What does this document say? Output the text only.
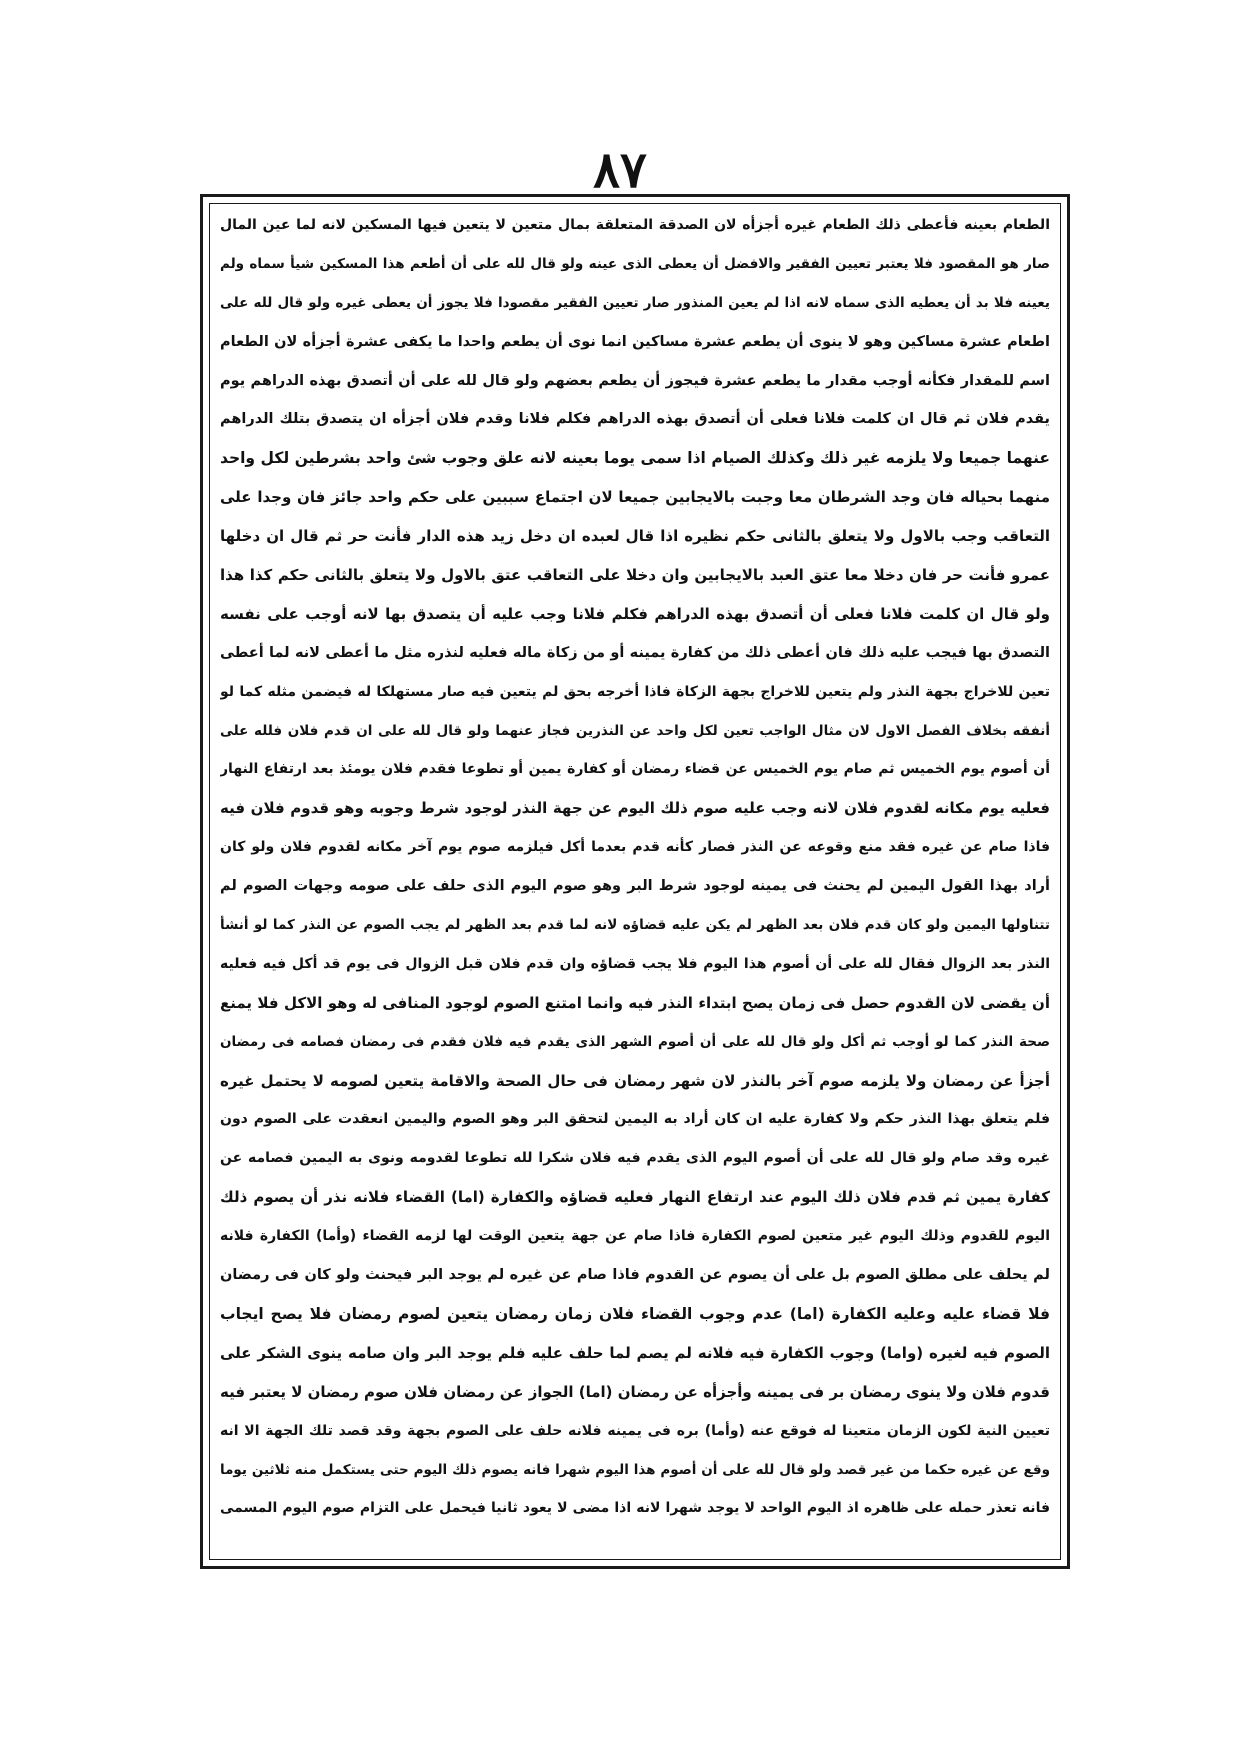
٨٧
الطعام بعينه فأعطى ذلك الطعام غيره أجزأه لان الصدقة المتعلقة بمال متعين لا يتعين فيها المسكين لانه لما عين المال
صار هو المقصود فلا يعتبر تعيين الفقير والافضل أن يعطى الذى عينه ولو قال لله على أن أطعم هذا المسكين شيأ سماه ولم
يعينه فلا بد أن يعطيه الذى سماه لانه اذا لم يعين المنذور صار تعيين الفقير مقصودا فلا يجوز أن يعطى غيره ولو قال لله على
اطعام عشرة مساكين وهو لا ينوى أن يطعم عشرة مساكين انما نوى أن يطعم واحدا ما يكفى عشرة أجزأه لان الطعام
اسم للمقدار فكأنه أوجب مقدار ما يطعم عشرة فيجوز أن يطعم بعضهم ولو قال لله على أن أتصدق بهذه الدراهم يوم
يقدم فلان ثم قال ان كلمت فلانا فعلى أن أتصدق بهذه الدراهم فكلم فلانا وقدم فلان أجزأه ان يتصدق بتلك الدراهم
عنهما جميعا ولا يلزمه غير ذلك وكذلك الصيام اذا سمى يوما بعينه لانه علق وجوب شئ واحد بشرطين لكل واحد
منهما بحياله فان وجد الشرطان معا وجبت بالايجابين جميعا لان اجتماع سببين على حكم واحد جائز فان وجدا على
التعاقب وجب بالاول ولا يتعلق بالثانى حكم نظيره اذا قال لعبده ان دخل زيد هذه الدار فأنت حر ثم قال ان دخلها
عمرو فأنت حر فان دخلا معا عتق العبد بالايجابين وان دخلا على التعاقب عتق بالاول ولا يتعلق بالثانى حكم كذا هذا
ولو قال ان كلمت فلانا فعلى أن أتصدق بهذه الدراهم فكلم فلانا وجب عليه أن يتصدق بها لانه أوجب على نفسه
التصدق بها فيجب عليه ذلك فان أعطى ذلك من كفارة يمينه أو من زكاة ماله فعليه لنذره مثل ما أعطى لانه لما أعطى
تعين للاخراج بجهة النذر ولم يتعين للاخراج بجهة الزكاة فاذا أخرجه بحق لم يتعين فيه صار مستهلكا له فيضمن مثله كما لو
أنفقه بخلاف الفصل الاول لان مثال الواجب تعين لكل واحد عن النذرين فجاز عنهما ولو قال لله على ان قدم فلان فلله على
أن أصوم يوم الخميس ثم صام يوم الخميس عن قضاء رمضان أو كفارة يمين أو تطوعا فقدم فلان يومئذ بعد ارتفاع النهار
فعليه يوم مكانه لقدوم فلان لانه وجب عليه صوم ذلك اليوم عن جهة النذر لوجود شرط وجوبه وهو قدوم فلان فيه
فاذا صام عن غيره فقد منع وقوعه عن النذر فصار كأنه قدم بعدما أكل فيلزمه صوم يوم آخر مكانه لقدوم فلان ولو كان
أراد بهذا القول اليمين لم يحنث فى يمينه لوجود شرط البر وهو صوم اليوم الذى حلف على صومه وجهات الصوم لم
تتناولها اليمين ولو كان قدم فلان بعد الظهر لم يكن عليه قضاؤه لانه لما قدم بعد الظهر لم يجب الصوم عن النذر كما لو أنشأ
النذر بعد الزوال فقال لله على أن أصوم هذا اليوم فلا يجب قضاؤه وان قدم فلان قبل الزوال فى يوم قد أكل فيه فعليه
أن يقضى لان القدوم حصل فى زمان يصح ابتداء النذر فيه وانما امتنع الصوم لوجود المنافى له وهو الاكل فلا يمنع
صحة النذر كما لو أوجب ثم أكل ولو قال لله على أن أصوم الشهر الذى يقدم فيه فلان فقدم فى رمضان فصامه فى رمضان
أجزأ عن رمضان ولا يلزمه صوم آخر بالنذر لان شهر رمضان فى حال الصحة والاقامة يتعين لصومه لا يحتمل غيره
فلم يتعلق بهذا النذر حكم ولا كفارة عليه ان كان أراد به اليمين لتحقق البر وهو الصوم واليمين انعقدت على الصوم دون
غيره وقد صام ولو قال لله على أن أصوم اليوم الذى يقدم فيه فلان شكرا لله تطوعا لقدومه ونوى به اليمين فصامه عن
كفارة يمين ثم قدم فلان ذلك اليوم عند ارتفاع النهار فعليه قضاؤه والكفارة (اما) القضاء فلانه نذر أن يصوم ذلك
اليوم للقدوم وذلك اليوم غير متعين لصوم الكفارة فاذا صام عن جهة يتعين الوقت لها لزمه القضاء (وأما) الكفارة فلانه
لم يحلف على مطلق الصوم بل على أن يصوم عن القدوم فاذا صام عن غيره لم يوجد البر فيحنث ولو كان فى رمضان
فلا قضاء عليه وعليه الكفارة (اما) عدم وجوب القضاء فلان زمان رمضان يتعين لصوم رمضان فلا يصح ايجاب
الصوم فيه لغيره (واما) وجوب الكفارة فيه فلانه لم يصم لما حلف عليه فلم يوجد البر وان صامه ينوى الشكر على
قدوم فلان ولا ينوى رمضان بر فى يمينه وأجزأه عن رمضان (اما) الجواز عن رمضان فلان صوم رمضان لا يعتبر فيه
تعيين النية لكون الزمان متعينا له فوقع عنه (وأما) بره فى يمينه فلانه حلف على الصوم بجهة وقد قصد تلك الجهة الا انه
وقع عن غيره حكما من غير قصد ولو قال لله على أن أصوم هذا اليوم شهرا فانه يصوم ذلك اليوم حتى يستكمل منه ثلاثين يوما
فانه تعذر حمله على ظاهره اذ اليوم الواحد لا يوجد شهرا لانه اذا مضى لا يعود ثانيا فيحمل على التزام صوم اليوم المسمى
